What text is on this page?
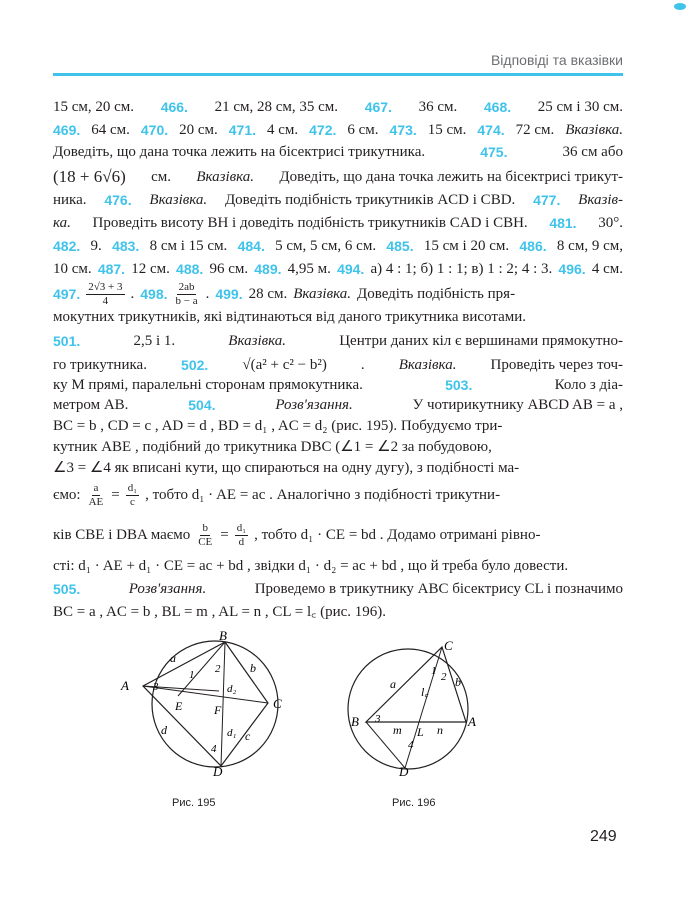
Відповіді та вказівки
15 см, 20 см. 466. 21 см, 28 см, 35 см. 467. 36 см. 468. 25 см і 30 см.
469. 64 см. 470. 20 см. 471. 4 см. 472. 6 см. 473. 15 см. 474. 72 см. Вказівка.
Доведіть, що дана точка лежить на бісектрисі трикутника.	475.	36 см або
(18 + 6√6) см. Вказівка. Доведіть, що дана точка лежить на бісектрисі трикут-
ника. 476. Вказівка. Доведіть подібність трикутників ACD і CBD. 477. Вказів-
ка. Проведіть висоту BH і доведіть подібність трикутників CAD і CBH. 481. 30°.
482. 9. 483. 8 см і 15 см. 484. 5 см, 5 см, 6 см. 485. 15 см і 20 см. 486. 8 см, 9 см,
10 см. 487. 12 см. 488. 96 см. 489. 4,95 м. 494. а) 4 : 1; б) 1 : 1; в) 1 : 2; 4 : 3. 496. 4 см.
497. 2√3 + 3
4 . 498. 2ab
b − a . 499. 28 см. Вказівка. Доведіть подібність пря-
мокутних трикутників, які відтинаються від даного трикутника висотами.
501.	2,5 і 1.	Вказівка.	Центри даних кіл є вершинами прямокутно-
го трикутника. 502. √(a² + c² − b²) . Вказівка. Проведіть через точ-
ку M прямі, паралельні сторонам прямокутника.	503.	Коло з діа-
метром AB.	504.	Розв'язання.	У чотирикутнику ABCD AB = a ,
BC = b , CD = c , AD = d , BD = d₁ , AC = d₂ (рис. 195). Побудуємо три-
кутник ABE , подібний до трикутника DBC (∠1 = ∠2 за побудовою,
∠3 = ∠4 як вписані кути, що спираються на одну дугу), з подібності ма-
ємо: $\frac{a}{AE} = \frac{\text{d₁}}{c}$ , тобто d₁ · AE = ac . Аналогічно з подібності трикутни-
ків CBE і DBA маємо $\frac{b}{CE} = \frac{\text{d₁}}{d}$ , тобто d₁ · CE = bd . Додамо отримані рівно-
сті: d₁ · AE + d₁ · CE = ac + bd , звідки d₁ · d₂ = ac + bd , що й треба було довести.
505.	Розв'язання.	Проведемо в трикутнику ABC бісектрису CL і позначимо
BC = a , AC = b , BL = m , AL = n , CL = l꜀ (рис. 196).
A
B
C
D
E	F
a
b
c
d
1 2
3
4
d₁
d₂
Рис. 195
A
B
C
D
L
a	b
m	n
l꜀
1 2
3
4
Рис. 196
249
